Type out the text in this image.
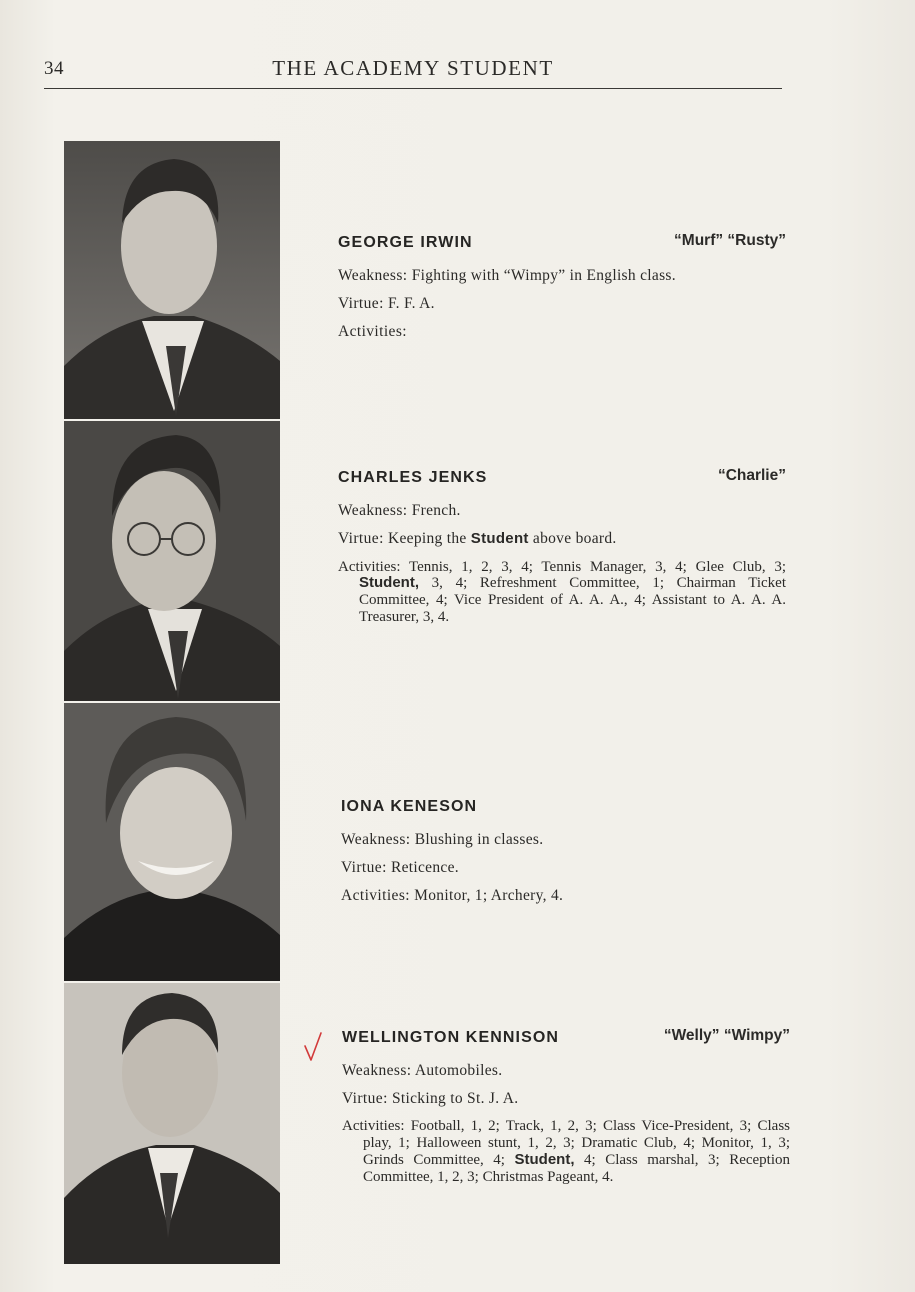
34	THE ACADEMY STUDENT
GEORGE IRWIN	“Murf” “Rusty”
Weakness: Fighting with “Wimpy” in English class.
Virtue: F. F. A.
Activities:
CHARLES JENKS	“Charlie”
Weakness: French.
Virtue: Keeping the Student above board.
Activities: Tennis, 1, 2, 3, 4; Tennis Manager, 3, 4; Glee Club, 3; Student, 3, 4; Refreshment Committee, 1; Chairman Ticket Committee, 4; Vice President of A. A. A., 4; Assistant to A. A. A. Treasurer, 3, 4.
IONA KENESON
Weakness: Blushing in classes.
Virtue: Reticence.
Activities: Monitor, 1; Archery, 4.
WELLINGTON KENNISON	“Welly” “Wimpy”
Weakness: Automobiles.
Virtue: Sticking to St. J. A.
Activities: Football, 1, 2; Track, 1, 2, 3; Class Vice-President, 3; Class play, 1; Halloween stunt, 1, 2, 3; Dramatic Club, 4; Monitor, 1, 3; Grinds Committee, 4; Student, 4; Class marshal, 3; Reception Committee, 1, 2, 3; Christmas Pageant, 4.
